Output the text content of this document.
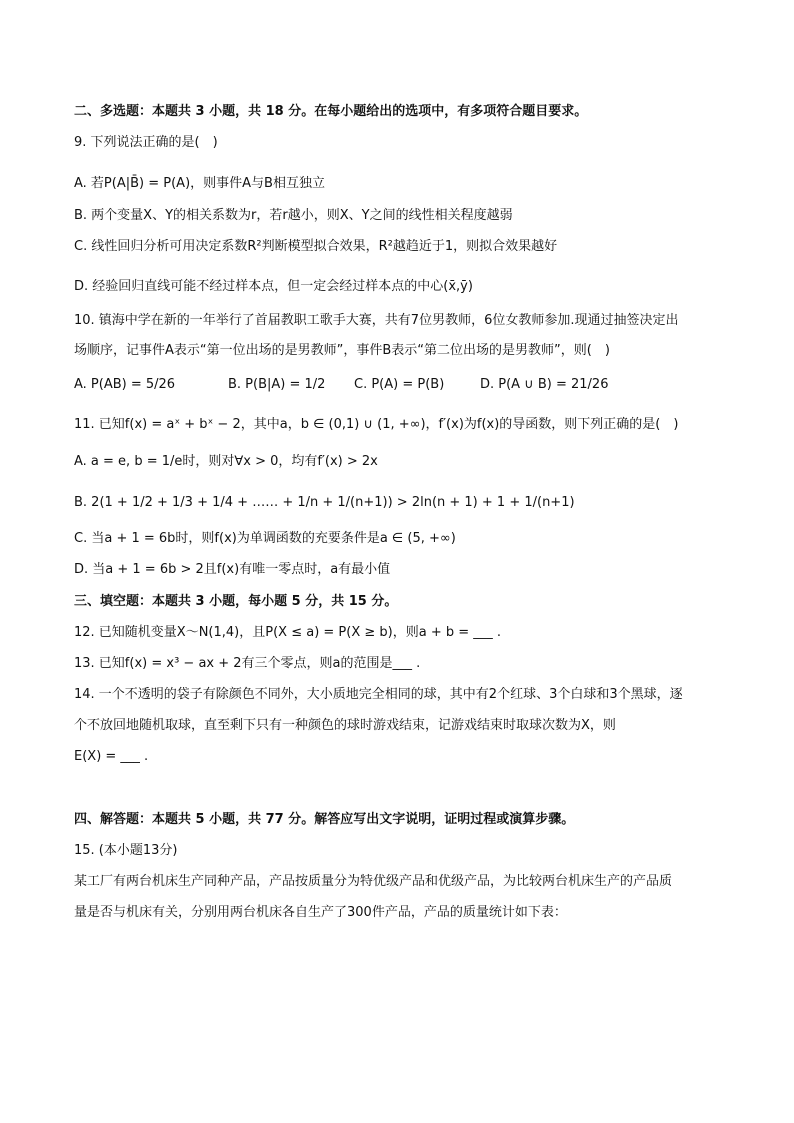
二、多选题：本题共 3 小题，共 18 分。在每小题给出的选项中，有多项符合题目要求。
9. 下列说法正确的是(　)
A. 若P(A|B̄) = P(A)，则事件A与B相互独立
B. 两个变量X、Y的相关系数为r，若r越小，则X、Y之间的线性相关程度越弱
C. 线性回归分析可用决定系数R²判断模型拟合效果，R²越趋近于1，则拟合效果越好
D. 经验回归直线可能不经过样本点，但一定会经过样本点的中心(x̄,ȳ)
10. 镇海中学在新的一年举行了首届教职工歌手大赛，共有7位男教师，6位女教师参加.现通过抽签决定出
场顺序，记事件A表示“第一位出场的是男教师”，事件B表示“第二位出场的是男教师”，则(　)
A. P(AB) = 5/26	B. P(B|A) = 1/2 C. P(A) = P(B)	D. P(A ∪ B) = 21/26
11. 已知f(x) = aˣ + bˣ − 2，其中a，b ∈ (0,1) ∪ (1, +∞)，f′(x)为f(x)的导函数，则下列正确的是(　)
A. a = e, b = 1/e时，则对∀x > 0，均有f′(x) > 2x
B. 2(1 + 1/2 + 1/3 + 1/4 + …… + 1/n + 1/(n+1)) > 2ln(n + 1) + 1 + 1/(n+1)
C. 当a + 1 = 6b时，则f(x)为单调函数的充要条件是a ∈ (5, +∞)
D. 当a + 1 = 6b > 2且f(x)有唯一零点时，a有最小值
三、填空题：本题共 3 小题，每小题 5 分，共 15 分。
12. 已知随机变量X～N(1,4)，且P(X ≤ a) = P(X ≥ b)，则a + b = ___ .
13. 已知f(x) = x³ − ax + 2有三个零点，则a的范围是___ .
14. 一个不透明的袋子有除颜色不同外，大小质地完全相同的球，其中有2个红球、3个白球和3个黑球，逐
个不放回地随机取球，直至剩下只有一种颜色的球时游戏结束，记游戏结束时取球次数为X，则
E(X) = ___ .
四、解答题：本题共 5 小题，共 77 分。解答应写出文字说明，证明过程或演算步骤。
15. (本小题13分)
某工厂有两台机床生产同种产品，产品按质量分为特优级产品和优级产品，为比较两台机床生产的产品质
量是否与机床有关，分别用两台机床各自生产了300件产品，产品的质量统计如下表：
